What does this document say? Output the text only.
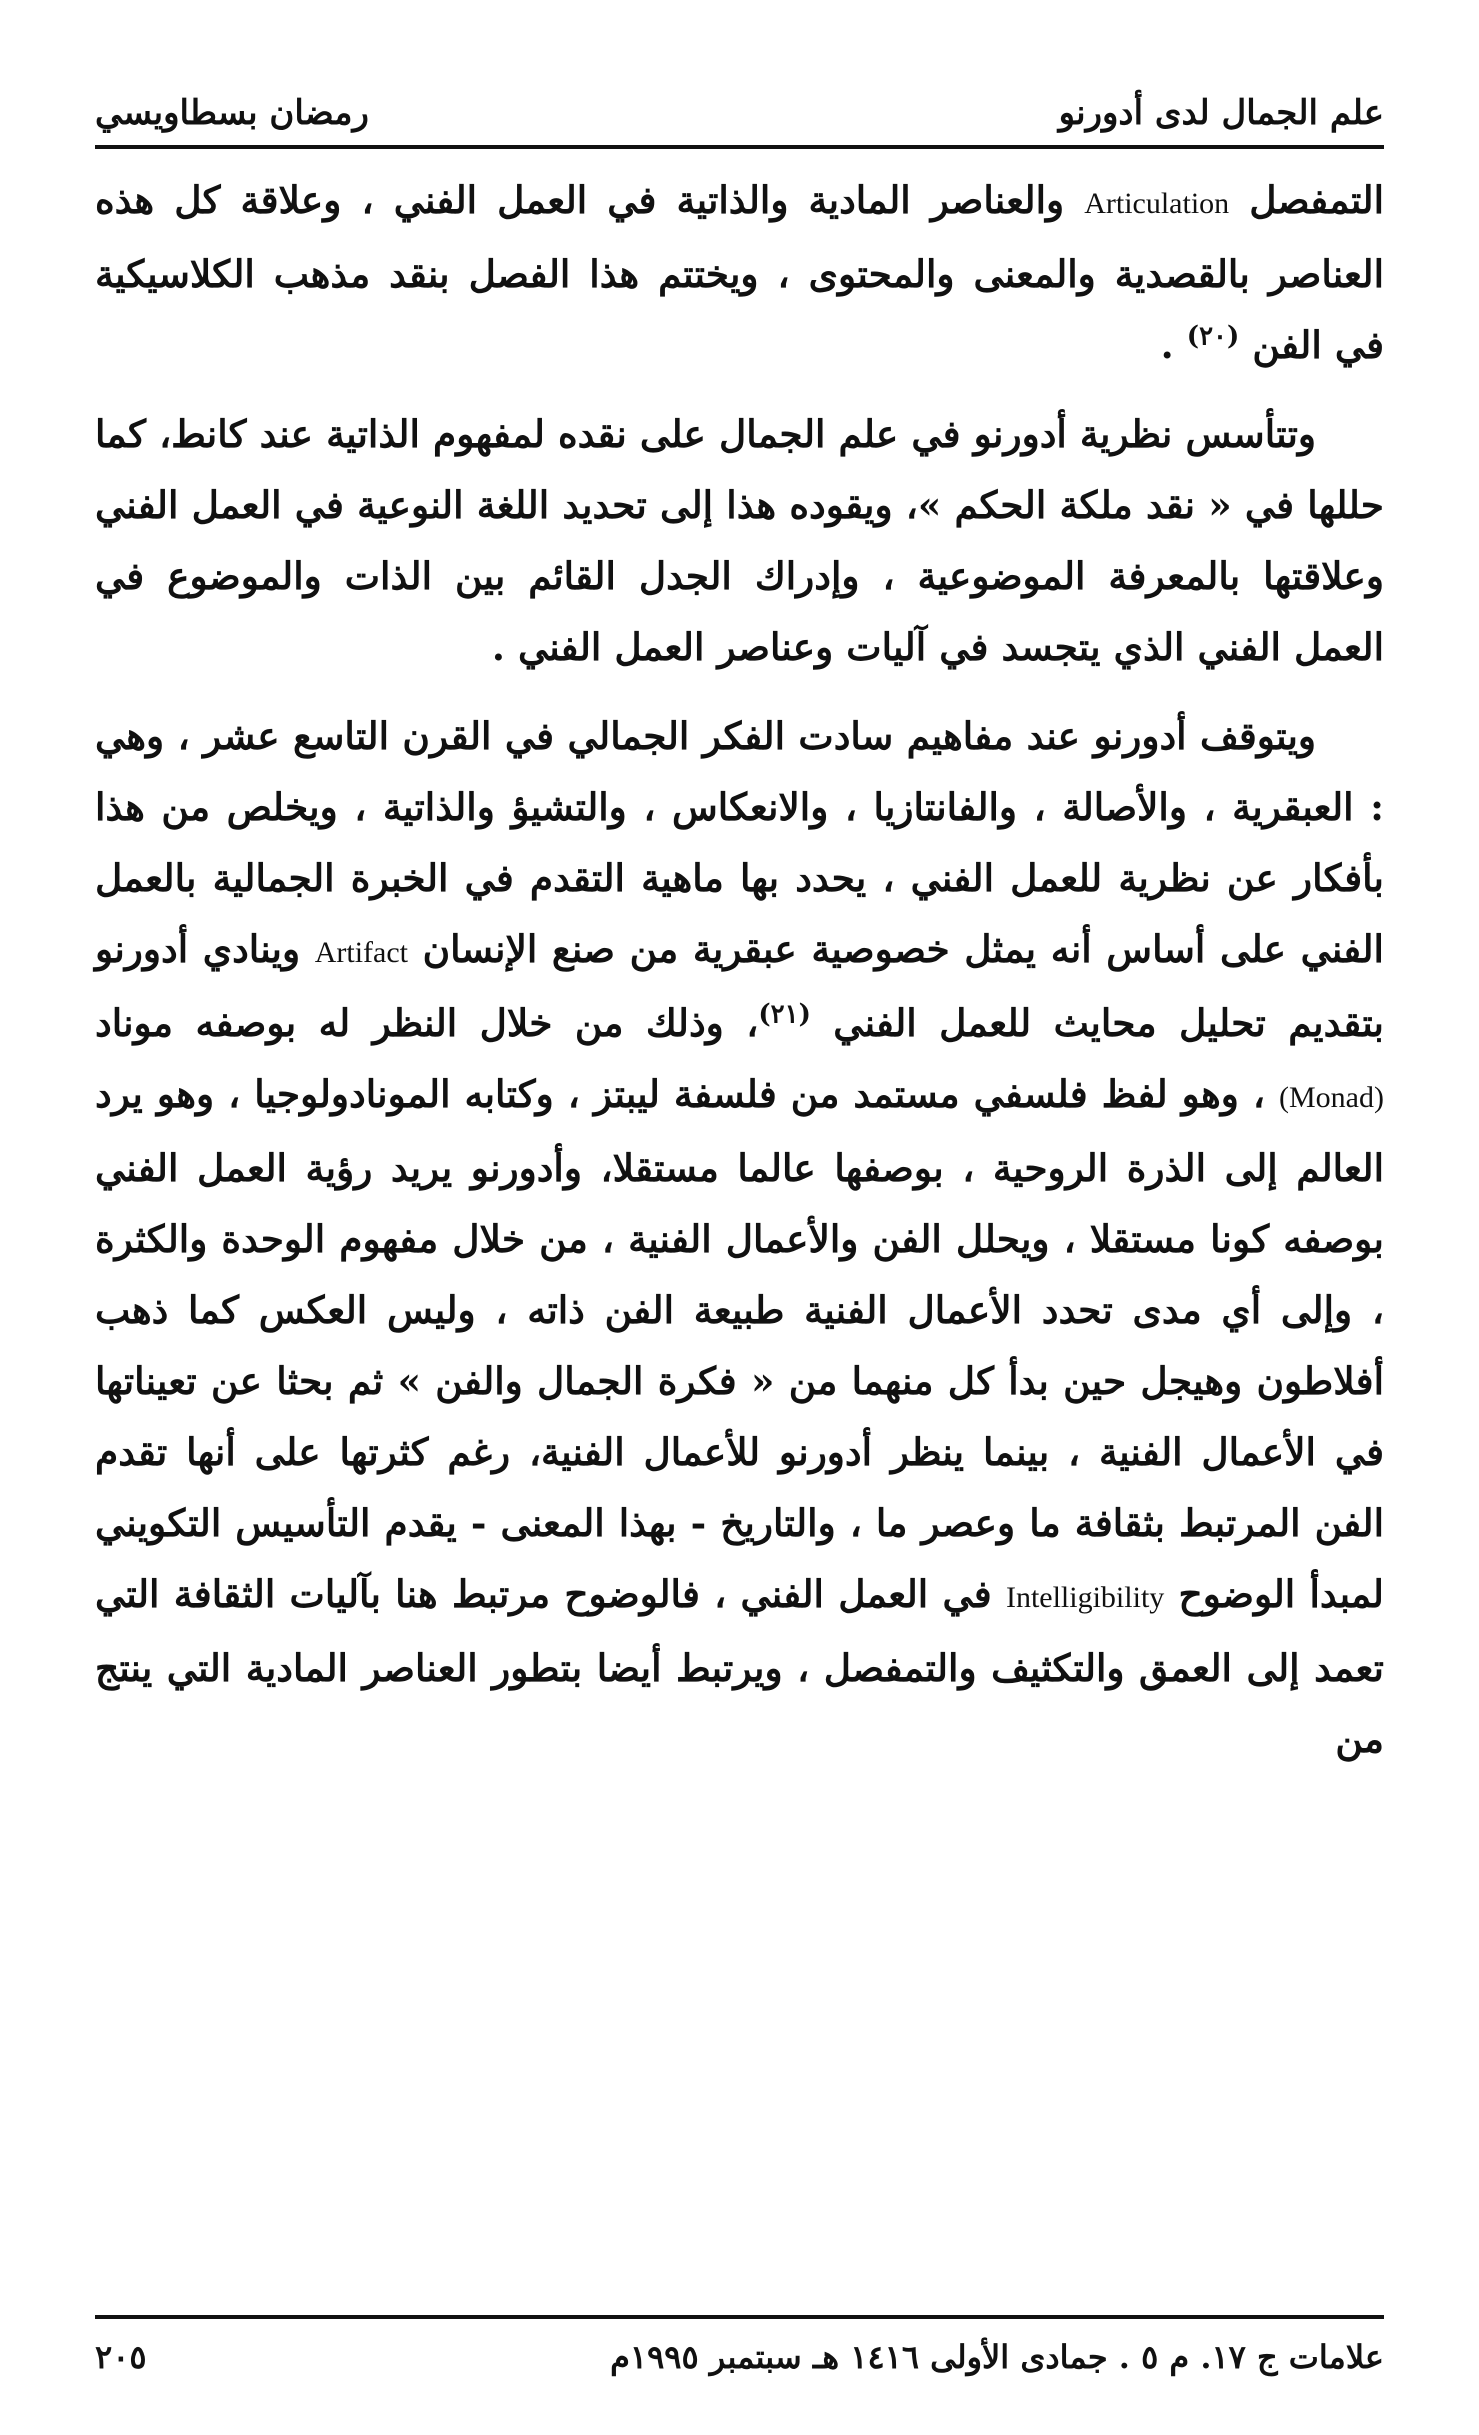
علم الجمال لدى أدورنو
رمضان بسطاويسي

التمفصل Articulation والعناصر المادية والذاتية في العمل الفني ، وعلاقة كل هذه العناصر بالقصدية والمعنى والمحتوى ، ويختتم هذا الفصل بنقد مذهب الكلاسيكية في الفن $^{(٢٠)}$ .

وتتأسس نظرية أدورنو في علم الجمال على نقده لمفهوم الذاتية عند كانط، كما حللها في « نقد ملكة الحكم »، ويقوده هذا إلى تحديد اللغة النوعية في العمل الفني وعلاقتها بالمعرفة الموضوعية ، وإدراك الجدل القائم بين الذات والموضوع في العمل الفني الذي يتجسد في آليات وعناصر العمل الفني .

ويتوقف أدورنو عند مفاهيم سادت الفكر الجمالي في القرن التاسع عشر ، وهي : العبقرية ، والأصالة ، والفانتازيا ، والانعكاس ، والتشيؤ والذاتية ، ويخلص من هذا بأفكار عن نظرية للعمل الفني ، يحدد بها ماهية التقدم في الخبرة الجمالية بالعمل الفني على أساس أنه يمثل خصوصية عبقرية من صنع الإنسان Artifact وينادي أدورنو بتقديم تحليل محايث للعمل الفني $^{(٢١)}$، وذلك من خلال النظر له بوصفه موناد (Monad) ، وهو لفظ فلسفي مستمد من فلسفة ليبتز ، وكتابه المونادولوجيا ، وهو يرد العالم إلى الذرة الروحية ، بوصفها عالما مستقلا، وأدورنو يريد رؤية العمل الفني بوصفه كونا مستقلا ، ويحلل الفن والأعمال الفنية ، من خلال مفهوم الوحدة والكثرة ، وإلى أي مدى تحدد الأعمال الفنية طبيعة الفن ذاته ، وليس العكس كما ذهب أفلاطون وهيجل حين بدأ كل منهما من « فكرة الجمال والفن » ثم بحثا عن تعيناتها في الأعمال الفنية ، بينما ينظر أدورنو للأعمال الفنية، رغم كثرتها على أنها تقدم الفن المرتبط بثقافة ما وعصر ما ، والتاريخ - بهذا المعنى - يقدم التأسيس التكويني لمبدأ الوضوح Intelligibility في العمل الفني ، فالوضوح مرتبط هنا بآليات الثقافة التي تعمد إلى العمق والتكثيف والتمفصل ، ويرتبط أيضا بتطور العناصر المادية التي ينتج من

علامات ج ١٧. م ٥ . جمادى الأولى ١٤١٦ هـ سبتمبر ١٩٩٥م
٢٠٥
